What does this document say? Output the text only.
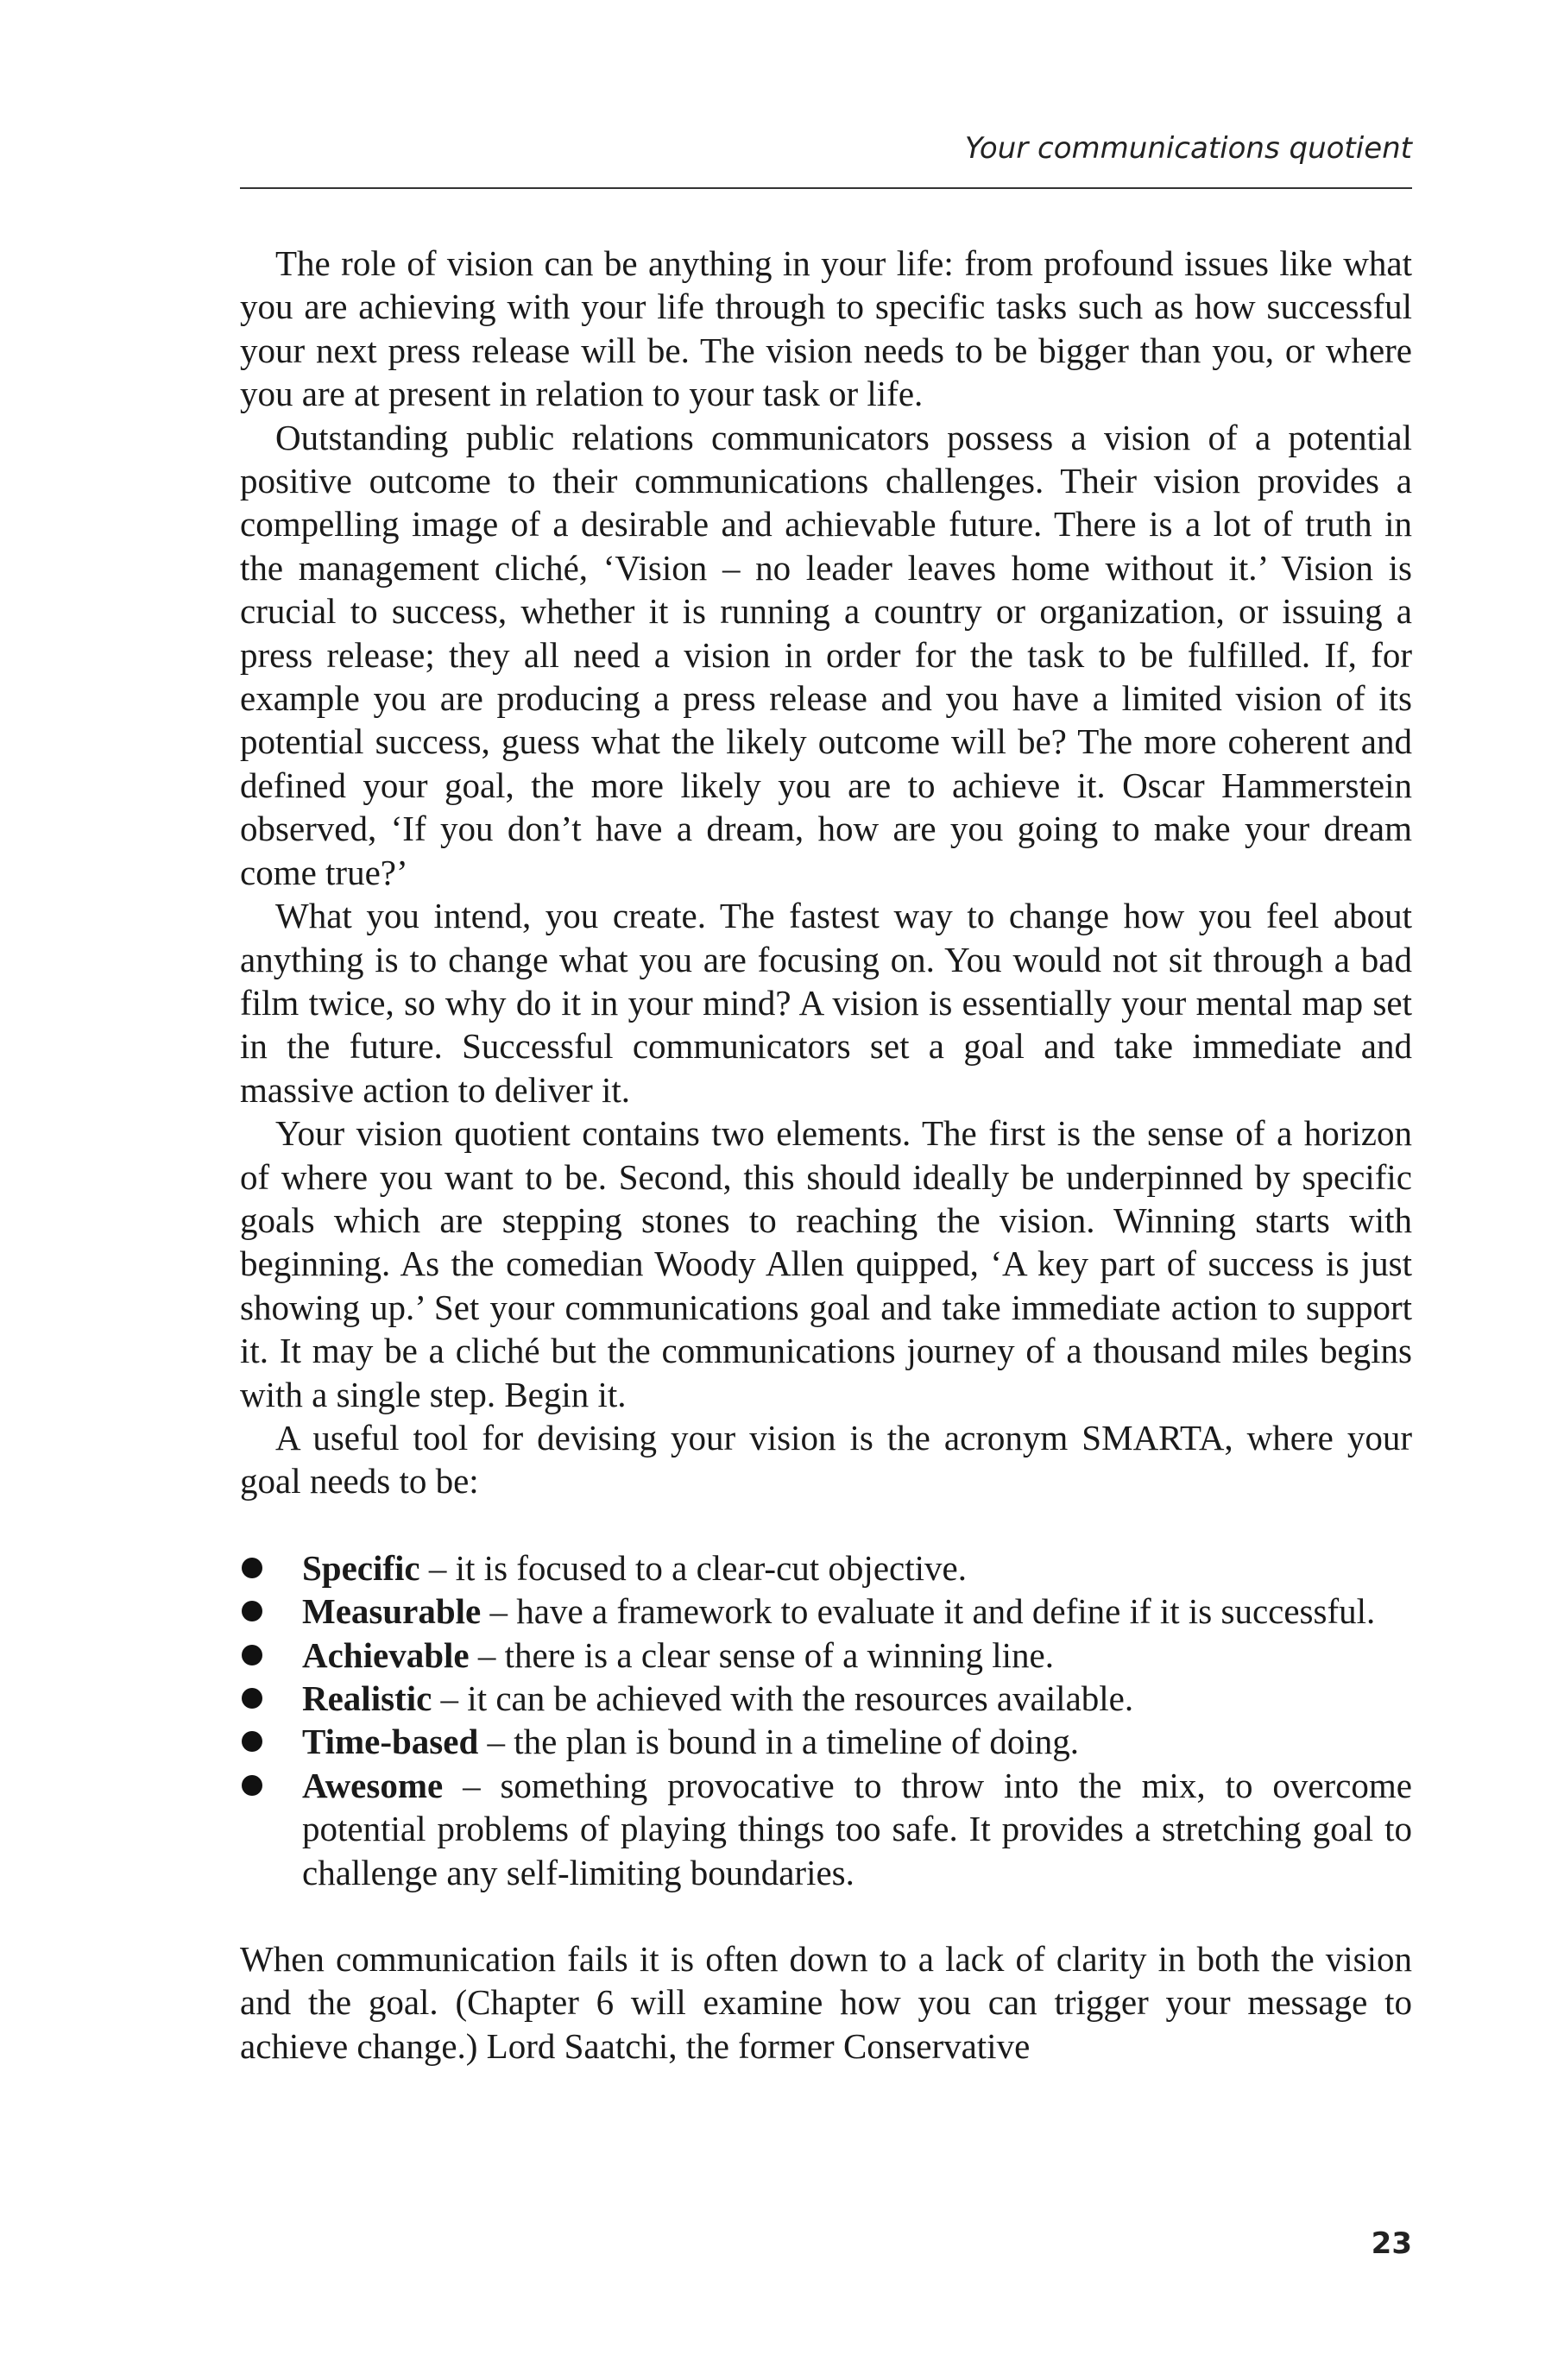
Your communications quotient

The role of vision can be anything in your life: from profound issues like what you are achieving with your life through to specific tasks such as how successful your next press release will be. The vision needs to be bigger than you, or where you are at present in relation to your task or life.

Outstanding public relations communicators possess a vision of a potential positive outcome to their communications challenges. Their vision provides a compelling image of a desirable and achievable future. There is a lot of truth in the management cliché, ‘Vision – no leader leaves home without it.’ Vision is crucial to success, whether it is running a country or organization, or issuing a press release; they all need a vision in order for the task to be fulfilled. If, for example you are producing a press release and you have a limited vision of its potential success, guess what the likely outcome will be? The more coherent and defined your goal, the more likely you are to achieve it. Oscar Hammerstein observed, ‘If you don’t have a dream, how are you going to make your dream come true?’

What you intend, you create. The fastest way to change how you feel about anything is to change what you are focusing on. You would not sit through a bad film twice, so why do it in your mind? A vision is essentially your mental map set in the future. Successful communicators set a goal and take immediate and massive action to deliver it.

Your vision quotient contains two elements. The first is the sense of a horizon of where you want to be. Second, this should ideally be underpinned by specific goals which are stepping stones to reaching the vision. Winning starts with beginning. As the comedian Woody Allen quipped, ‘A key part of success is just showing up.’ Set your communications goal and take immediate action to support it. It may be a cliché but the communications journey of a thousand miles begins with a single step. Begin it.

A useful tool for devising your vision is the acronym SMARTA, where your goal needs to be:

Specific – it is focused to a clear-cut objective.
Measurable – have a framework to evaluate it and define if it is successful.
Achievable – there is a clear sense of a winning line.
Realistic – it can be achieved with the resources available.
Time-based – the plan is bound in a timeline of doing.
Awesome – something provocative to throw into the mix, to overcome potential problems of playing things too safe. It provides a stretching goal to challenge any self-limiting boundaries.

When communication fails it is often down to a lack of clarity in both the vision and the goal. (Chapter 6 will examine how you can trigger your message to achieve change.) Lord Saatchi, the former Conservative

23
